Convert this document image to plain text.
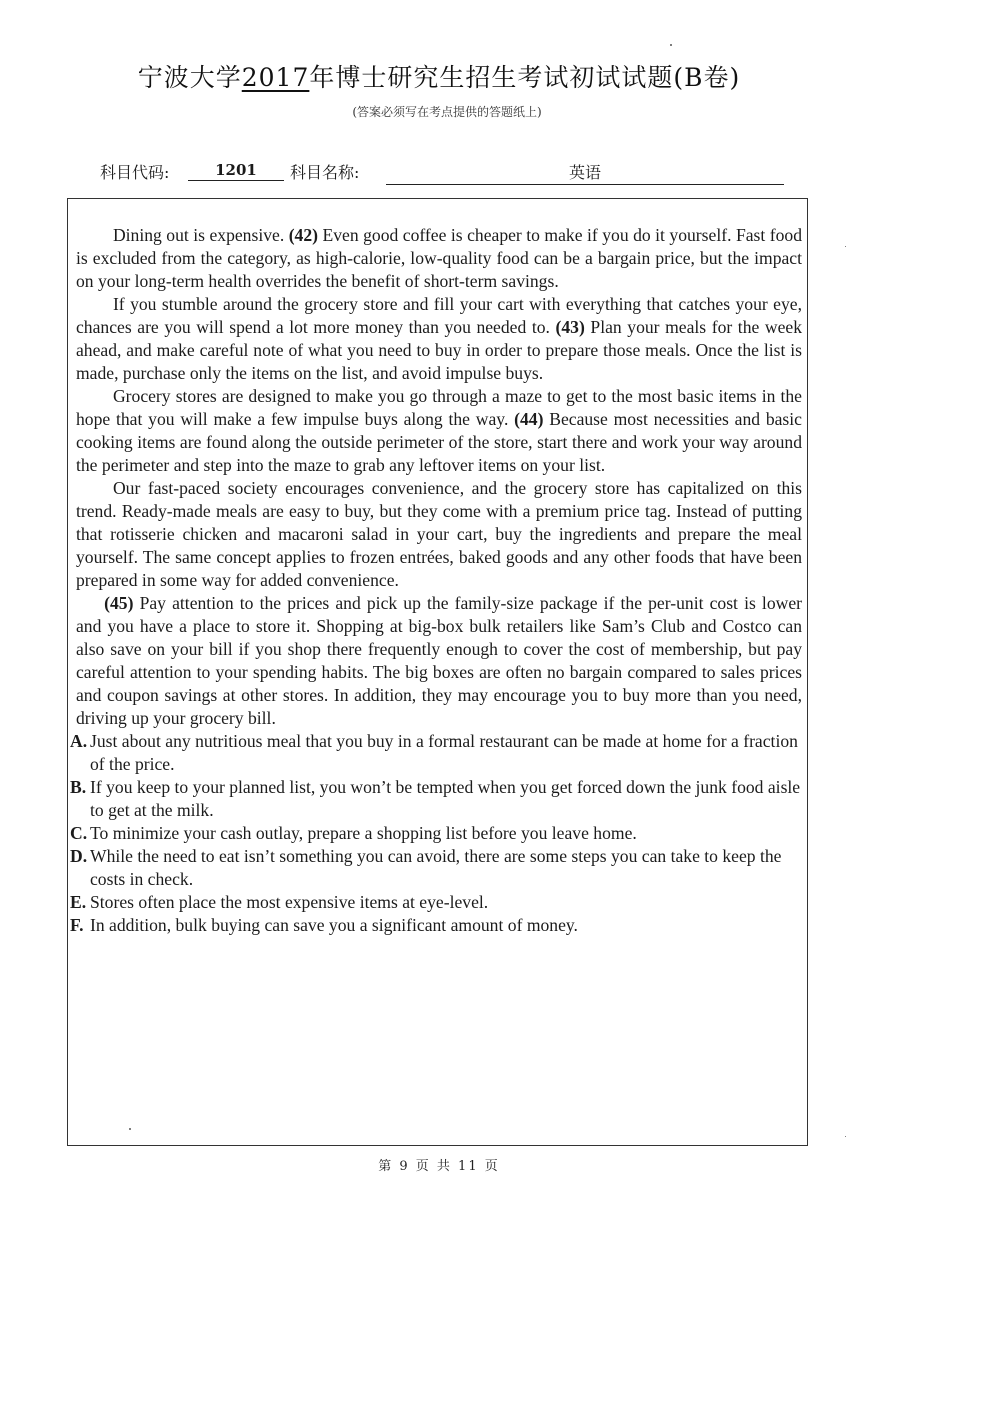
宁波大学2017年博士研究生招生考试初试试题(B卷)
(答案必须写在考点提供的答题纸上)
科目代码:	1201	科目名称:	英语

Dining out is expensive. (42) Even good coffee is cheaper to make if you do it yourself. Fast food is excluded from the category, as high-calorie, low-quality food can be a bargain price, but the impact on your long-term health overrides the benefit of short-term savings.

If you stumble around the grocery store and fill your cart with everything that catches your eye, chances are you will spend a lot more money than you needed to. (43) Plan your meals for the week ahead, and make careful note of what you need to buy in order to prepare those meals. Once the list is made, purchase only the items on the list, and avoid impulse buys.

Grocery stores are designed to make you go through a maze to get to the most basic items in the hope that you will make a few impulse buys along the way. (44) Because most necessities and basic cooking items are found along the outside perimeter of the store, start there and work your way around the perimeter and step into the maze to grab any leftover items on your list.

Our fast-paced society encourages convenience, and the grocery store has capitalized on this trend. Ready-made meals are easy to buy, but they come with a premium price tag. Instead of putting that rotisserie chicken and macaroni salad in your cart, buy the ingredients and prepare the meal yourself. The same concept applies to frozen entrées, baked goods and any other foods that have been prepared in some way for added convenience.

(45) Pay attention to the prices and pick up the family-size package if the per-unit cost is lower and you have a place to store it. Shopping at big-box bulk retailers like Sam’s Club and Costco can also save on your bill if you shop there frequently enough to cover the cost of membership, but pay careful attention to your spending habits. The big boxes are often no bargain compared to sales prices and coupon savings at other stores. In addition, they may encourage you to buy more than you need, driving up your grocery bill.

A. Just about any nutritious meal that you buy in a formal restaurant can be made at home for a fraction of the price.
B. If you keep to your planned list, you won’t be tempted when you get forced down the junk food aisle to get at the milk.
C. To minimize your cash outlay, prepare a shopping list before you leave home.
D. While the need to eat isn’t something you can avoid, there are some steps you can take to keep the costs in check.
E. Stores often place the most expensive items at eye-level.
F. In addition, bulk buying can save you a significant amount of money.
第 9 页 共 11 页
